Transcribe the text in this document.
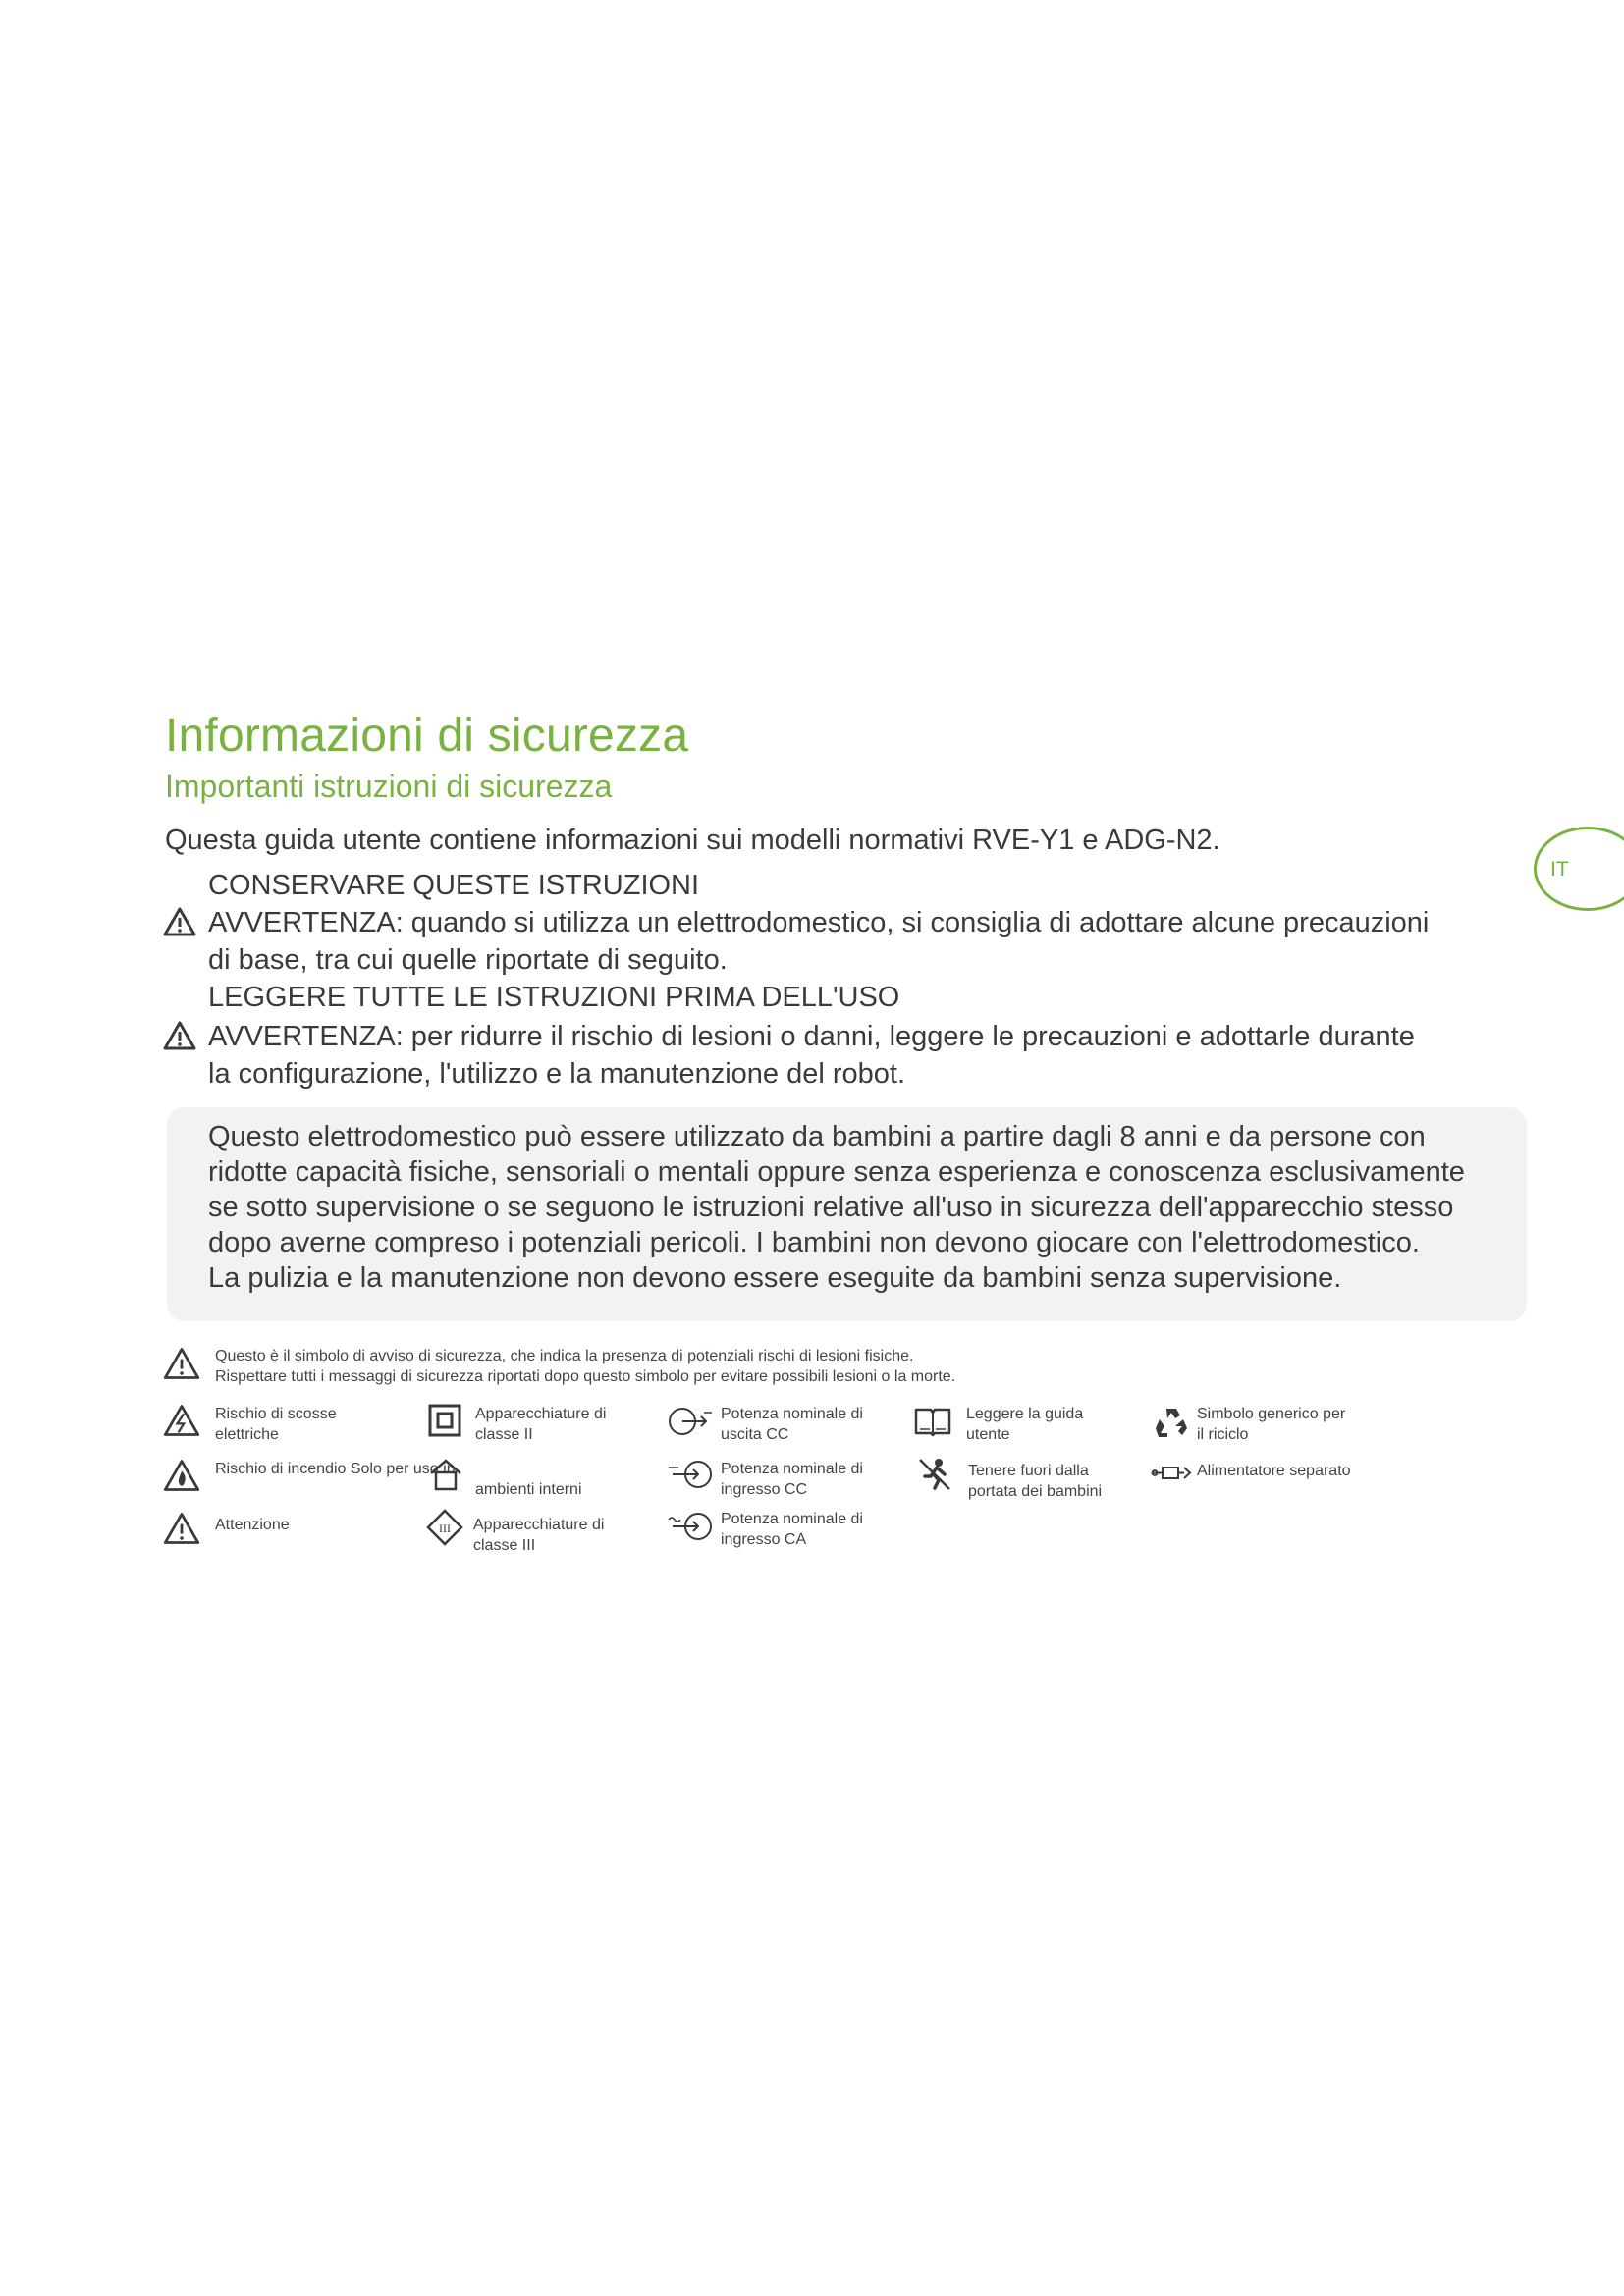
Informazioni di sicurezza
Importanti istruzioni di sicurezza
IT
Questa guida utente contiene informazioni sui modelli normativi RVE-Y1 e ADG-N2.
CONSERVARE QUESTE ISTRUZIONI
AVVERTENZA: quando si utilizza un elettrodomestico, si consiglia di adottare alcune precauzioni
di base, tra cui quelle riportate di seguito.
LEGGERE TUTTE LE ISTRUZIONI PRIMA DELL'USO
AVVERTENZA: per ridurre il rischio di lesioni o danni, leggere le precauzioni e adottarle durante
la configurazione, l'utilizzo e la manutenzione del robot.
Questo elettrodomestico può essere utilizzato da bambini a partire dagli 8 anni e da persone con
ridotte capacità fisiche, sensoriali o mentali oppure senza esperienza e conoscenza esclusivamente
se sotto supervisione o se seguono le istruzioni relative all'uso in sicurezza dell'apparecchio stesso
dopo averne compreso i potenziali pericoli. I bambini non devono giocare con l'elettrodomestico.
La pulizia e la manutenzione non devono essere eseguite da bambini senza supervisione.
Questo è il simbolo di avviso di sicurezza, che indica la presenza di potenziali rischi di lesioni fisiche.
Rispettare tutti i messaggi di sicurezza riportati dopo questo simbolo per evitare possibili lesioni o la morte.
Rischio di scosse
elettriche
Rischio di incendio Solo per uso in
Attenzione
Apparecchiature di
classe II
ambienti interni
III Apparecchiature di
classe III
Potenza nominale di
uscita CC
Potenza nominale di
ingresso CC
Potenza nominale di
ingresso CA
Leggere la guida
utente
Tenere fuori dalla
portata dei bambini
Simbolo generico per
il riciclo
Alimentatore separato
